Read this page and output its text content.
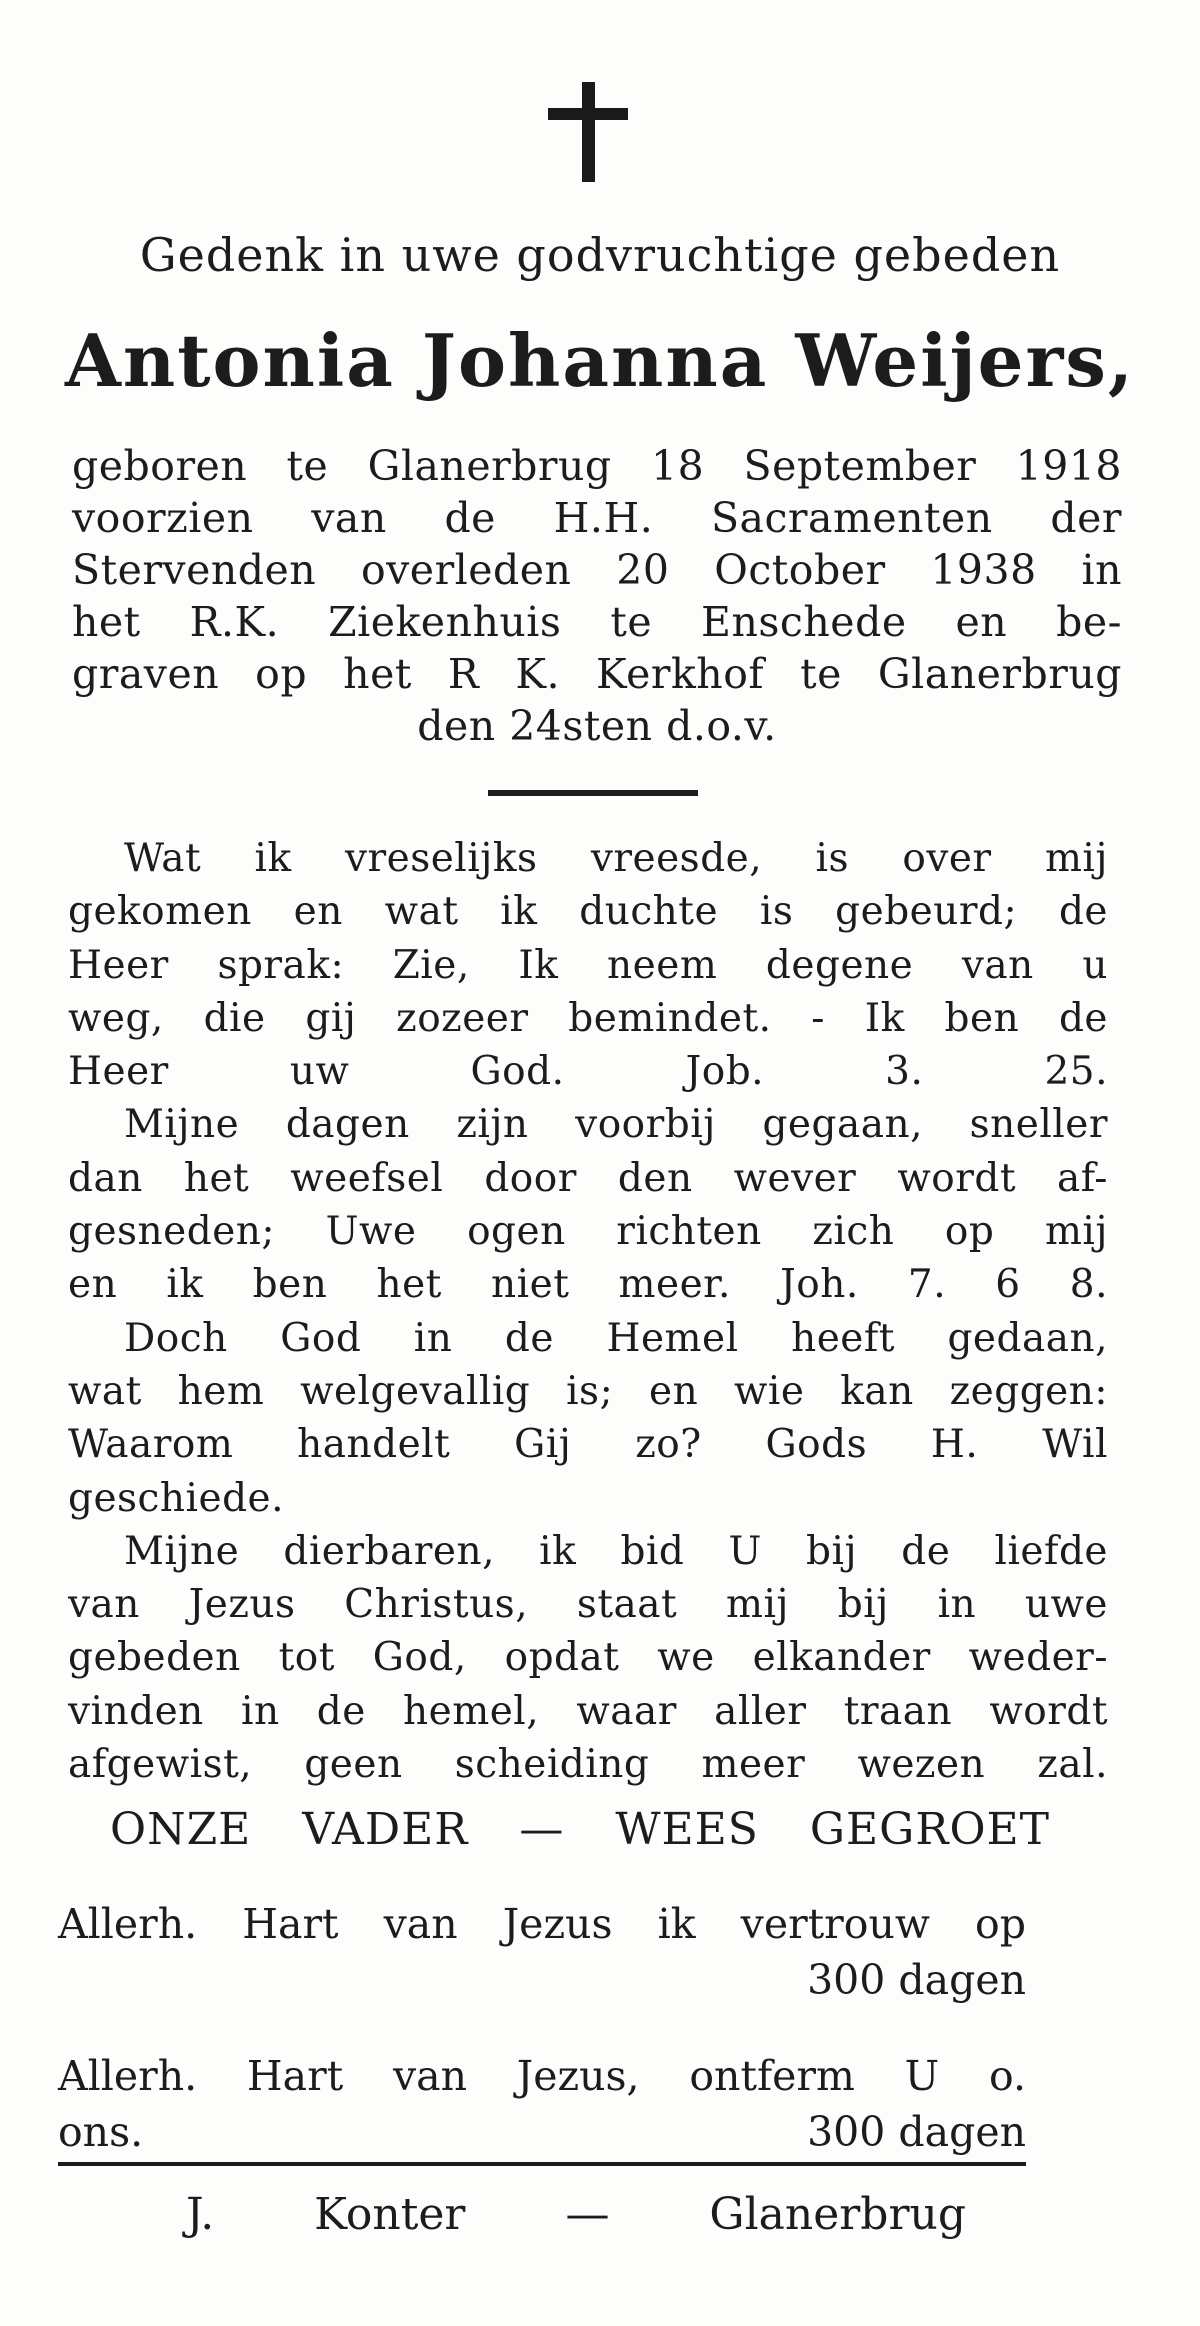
Gedenk in uwe godvruchtige gebeden
Antonia Johanna Weijers,
geboren te Glanerbrug 18 September 1918
voorzien van de H.H. Sacramenten der
Stervenden overleden 20 October 1938 in
het R.K. Ziekenhuis te Enschede en be-
graven op het R K. Kerkhof te Glanerbrug
den 24sten d.o.v.
Wat ik vreselijks vreesde, is over mij
gekomen en wat ik duchte is gebeurd; de
Heer sprak: Zie, Ik neem degene van u
weg, die gij zozeer bemindet. - Ik ben de
Heer uw God. Job. 3. 25.
Mijne dagen zijn voorbij gegaan, sneller
dan het weefsel door den wever wordt af-
gesneden; Uwe ogen richten zich op mij
en ik ben het niet meer. Joh. 7. 6 8.
Doch God in de Hemel heeft gedaan,
wat hem welgevallig is; en wie kan zeggen:
Waarom handelt Gij zo? Gods H. Wil
geschiede.
Mijne dierbaren, ik bid U bij de liefde
van Jezus Christus, staat mij bij in uwe
gebeden tot God, opdat we elkander weder-
vinden in de hemel, waar aller traan wordt
afgewist, geen scheiding meer wezen zal.
ONZE VADER — WEES GEGROET
Allerh. Hart van Jezus ik vertrouw op
300 dagen
Allerh. Hart van Jezus, ontferm U o.
ons.	300 dagen
J. Konter — Glanerbrug
